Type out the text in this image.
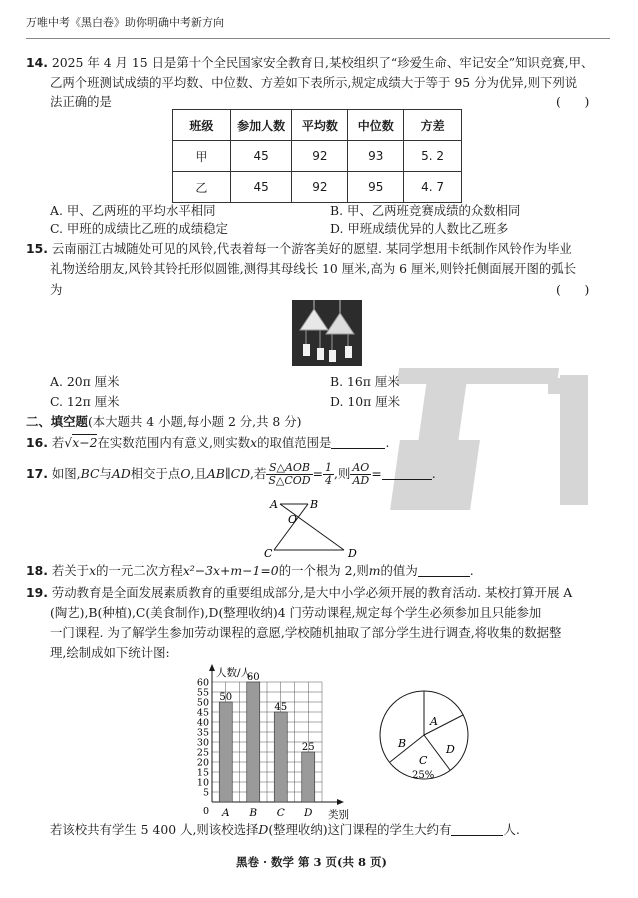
万唯中考《黑白卷》助你明确中考新方向
14. 2025 年 4 月 15 日是第十个全民国家安全教育日,某校组织了“珍爱生命、牢记安全”知识竞赛,甲、
乙两个班测试成绩的平均数、中位数、方差如下表所示,规定成绩大于等于 95 分为优异,则下列说
法正确的是	(      )
班级	参加人数	平均数	中位数	方差
甲	45	92	93	5. 2
乙	45	92	95	4. 7
A. 甲、乙两班的平均水平相同	B. 甲、乙两班竞赛成绩的众数相同
C. 甲班的成绩比乙班的成绩稳定	D. 甲班成绩优异的人数比乙班多
15. 云南丽江古城随处可见的风铃,代表着每一个游客美好的愿望. 某同学想用卡纸制作风铃作为毕业
礼物送给朋友,风铃其铃托形似圆锥,测得其母线长 10 厘米,高为 6 厘米,则铃托侧面展开图的弧长
为	(      )
A. 20π 厘米	B. 16π 厘米
C. 12π 厘米	D. 10π 厘米
二、填空题(本大题共 4 小题,每小题 2 分,共 8 分)
16. 若√x−2在实数范围内有意义,则实数x的取值范围是	.
17. 如图,BC与AD相交于点O,且AB∥CD,若 $\frac{\text{S△AOB}}{\text{S△COD}} = \frac{1}{4}$ ,则 $\frac{AO}{AD}$ =	.
A	B
O
C	D
18. 若关于x的一元二次方程x²−3x+m−1=0的一个根为 2,则m的值为	.
19. 劳动教育是全面发展素质教育的重要组成部分,是大中小学必须开展的教育活动. 某校打算开展 A
(陶艺),B(种植),C(美食制作),D(整理收纳)4 门劳动课程,规定每个学生必须参加且只能参加
一门课程. 为了解学生参加劳动课程的意愿,学校随机抽取了部分学生进行调查,将收集的数据整
理,绘制成如下统计图:
5
10
15
20
25
30
35
40
45
50
55
60
人数/人
类别
0
50
A
60
B
45
C
25
D
A
B
C
D
25%
若该校共有学生 5 400 人,则该校选择D(整理收纳)这门课程的学生大约有	人.
黑卷 · 数学 第 3 页(共 8 页)
